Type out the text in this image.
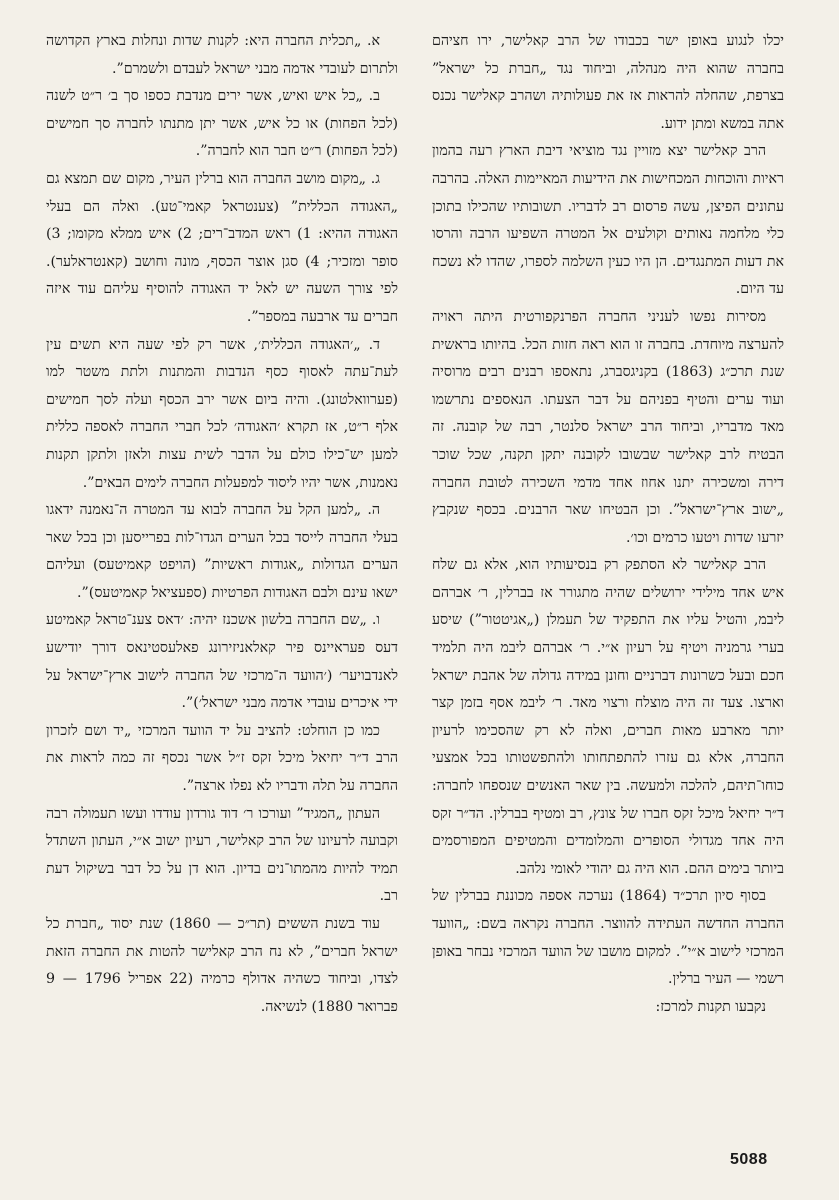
יכלו לנגוע באופן ישר בכבודו של הרב קאלישר, ירו חציהם בחברה שהוא היה מנהלה, וביחוד נגד „חברת כל ישראל” בצרפת, שהחלה להראות אז את פעולותיה ושהרב קאלישר נכנס אתה במשא ומתן ידוע.

הרב קאלישר יצא מזויין נגד מוציאי דיבת הארץ רעה בהמון ראיות והוכחות המכחישות את הידיעות המאיימות האלה. בהרבה עתונים הפיצן, עשה פרסום רב לדבריו. תשובותיו שהכילו בתוכן כלי מלחמה נאותים וקולעים אל המטרה השפיעו הרבה והרסו את דעות המתנגדים. הן היו כעין השלמה לספרו, שהדו לא נשכח עד היום.

מסירות נפשו לעניני החברה הפרנקפורטית היתה ראויה להערצה מיוחדת. בחברה זו הוא ראה חזות הכל. בהיותו בראשית שנת תרכ״ג (1863) בקניגסברג, נתאספו רבנים רבים מרוסיה ועוד ערים והטיף בפניהם על דבר הצעתו. הנאספים נתרשמו מאד מדבריו, וביחוד הרב ישראל סלנטר, רבה של קובנה. זה הבטיח לרב קאלישר שבשובו לקובנה יתקן תקנה, שכל שוכר דירה ומשכירה יתנו אחוז אחד מדמי השכירה לטובת החברה „ישוב ארץ־ישראל”. וכן הבטיחו שאר הרבנים. בכסף שנקבץ יזרעו שדות ויטעו כרמים וכו׳.

הרב קאלישר לא הסתפק רק בנסיעותיו הוא, אלא גם שלח איש אחד מילידי ירושלים שהיה מתגורר אז בברלין, ר׳ אברהם ליבמ, והטיל עליו את התפקיד של תעמלן („אגיטטור”) שיסע בערי גרמניה ויטיף על רעיון א״י. ר׳ אברהם ליבמ היה תלמיד חכם ובעל כשרונות דברניים וחונן במידה גדולה של אהבת ישראל וארצו. צעד זה היה מוצלח ורצוי מאד. ר׳ ליבמ אסף בזמן קצר יותר מארבע מאות חברים, ואלה לא רק שהסכימו לרעיון החברה, אלא גם עזרו להתפתחותו ולהתפשטותו בכל אמצעי כוחו־תיהם, להלכה ולמעשה. בין שאר האנשים שנספחו לחברה: ד״ר יחיאל מיכל זקס חברו של צונץ, רב ומטיף בברלין. הד״ר זקס היה אחד מגדולי הסופרים והמלומדים והמטיפים המפורסמים ביותר בימים ההם. הוא היה גם יהודי לאומי נלהב.

בסוף סיון תרכ״ד (1864) נערכה אספה מכוננת בברלין של החברה החדשה העתידה להווצר. החברה נקראה בשם: „הוועד המרכזי לישוב א״י”. למקום מושבו של הוועד המרכזי נבחר באופן רשמי — העיר ברלין.

נקבעו תקנות למרכז:

א. „תכלית החברה היא: לקנות שדות ונחלות בארץ הקדושה ולתרום לעובדי אדמה מבני ישראל לעבדם ולשמרם”.

ב. „כל איש ואיש, אשר ירים מנדבת כספו סך ב׳ ר״ט לשנה (לכל הפחות) או כל איש, אשר יתן מתנתו לחברה סך חמישים (לכל הפחות) ר״ט חבר הוא לחברה”.

ג. „מקום מושב החברה הוא ברלין העיר, מקום שם תמצא גם „האגודה הכללית” (צענטראל קאמי־טע). ואלה הם בעלי האגודה ההיא: 1) ראש המדב־רים; 2) איש ממלא מקומו; 3) סופר ומזכיר; 4) סגן אוצר הכסף, מונה וחושב (קאנטראלער). לפי צורך השעה יש לאל יד האגודה להוסיף עליהם עוד איזה חברים עד ארבעה במספר”.

ד. „׳האגודה הכללית׳, אשר רק לפי שעה היא תשים עין לעת־עתה לאסוף כסף הנדבות והמתנות ולתת משטר למו (פערוואלטונג). והיה ביום אשר ירב הכסף ועלה לסך חמישים אלף ר״ט, אז תקרא ׳האגודה׳ לכל חברי החברה לאספה כללית למען יש־כילו כולם על הדבר לשית עצות ולאזן ולתקן תקנות נאמנות, אשר יהיו ליסוד למפעלות החברה לימים הבאים”.

ה. „למען הקל על החברה לבוא עד המטרה ה־נאמנה ידאגו בעלי החברה לייסד בכל הערים הגדו־לות בפרייסען וכן בכל שאר הערים הגדולות „אגודות ראשיות” (הויפט קאמיטעס) ועליהם ישאו עינם ולבם האגודות הפרטיות (ספעציאל קאמיטעס)”.

ו. „שם החברה בלשון אשכנז יהיה: ׳דאס צענ־טראל קאמיטע דעס פעראיינס פיר קאלאניזירונג פאלעסטינאס דורך יודישע לאנדבויער׳ (׳הוועד ה־מרכזי של החברה לישוב ארץ־ישראל על ידי איכרים עובדי אדמה מבני ישראל׳)”.

כמו כן הוחלט: להציב על יד הוועד המרכזי „יד ושם לזכרון הרב ד״ר יחיאל מיכל זקס ז״ל אשר נכסף זה כמה לראות את החברה על תלה ודבריו לא נפלו ארצה”.

העתון „המגיד” ועורכו ר׳ דוד גורדון עודדו ועשו תעמולה רבה וקבועה לרעיונו של הרב קאלישר, רעיון ישוב א״י, העתון השתדל תמיד להיות מהמתו־נים בדיון. הוא דן על כל דבר בשיקול דעת רב.

עוד בשנת הששים (תר״כ — 1860) שנת יסוד „חברת כל ישראל חברים”, לא נח הרב קאלישר להטות את החברה הזאת לצדו, וביחוד כשהיה אדולף כרמיה (22 אפריל 1796 — 9 פברואר 1880) לנשיאה.

5088
